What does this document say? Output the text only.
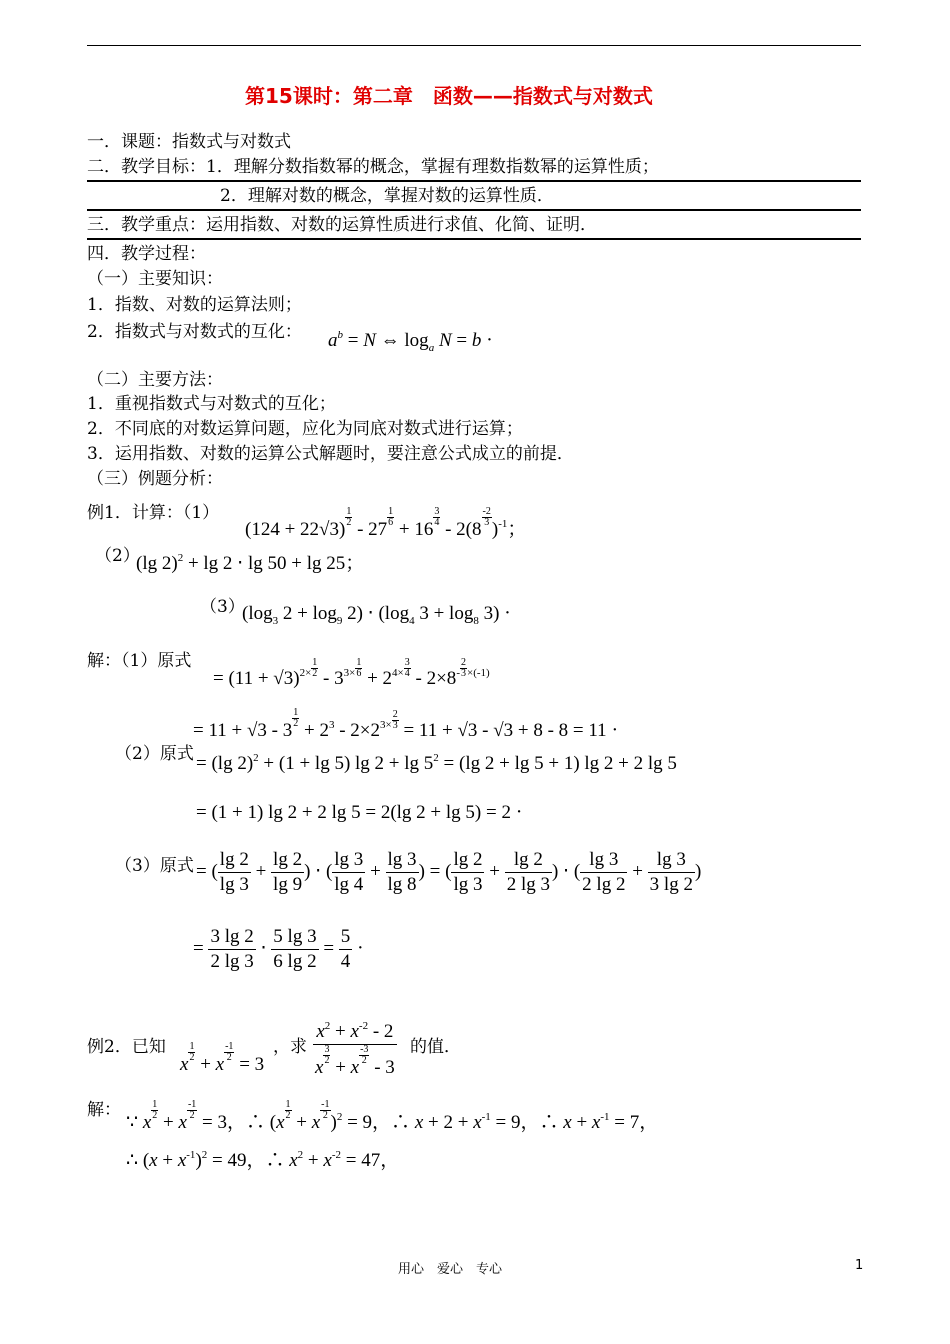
第15课时：第二章　函数——指数式与对数式
一．课题：指数式与对数式
二．教学目标：1．理解分数指数幂的概念，掌握有理数指数幂的运算性质；
2．理解对数的概念，掌握对数的运算性质．
三．教学重点：运用指数、对数的运算性质进行求值、化简、证明．
四．教学过程：
（一）主要知识：
1．指数、对数的运算法则；
2．指数式与对数式的互化： $a^b = N$ ⇔ $\log_a N = b$ ·
（二）主要方法：
1．重视指数式与对数式的互化；
2．不同底的对数运算问题，应化为同底对数式进行运算；
3．运用指数、对数的运算公式解题时，要注意公式成立的前提．
（三）例题分析：
例1．计算：（1）
(124 + 22√3)
$\frac{1}{2}$
- 27
$\frac{1}{6}$
+ 16
$\frac{3}{4}$
- 2(8
$\frac{-2}{3}$
)$^{-1}$；
（2）
(lg 2)$^2$ + lg 2 ⋅ lg 50 + lg 25；
（3）
($\log_3$ $2 + \log_9 2) \cdot (\log_4$ $3 + \log_8 3$) ·
解：（1）原式
= $(11 + √3)^{2\times \frac{1}{2}} - 3^{3\times \frac{1}{6}} + 2^{4\times \frac{3}{4}} - 2\times 8^{- \frac{2}{3} \times(-1)}$
= 11 + √3 - 3
$\frac{1}{2}$
+ $2^3 - 2\times 2^{3\times \frac{2}{3}} = 11 + √3 - √3 + 8 - 8 = 11$ ·
（2）原式 = (lg 2)$^2$ + (1 + lg 5) $\lg 2 + \lg 5^2 = (\lg$ 2 + lg 5 + 1) lg 2 + 2 lg 5
= (1 + 1) lg 2 + 2 lg 5 = 2(lg 2 + lg 5) = 2 ·
（3）原式 = ( $\frac{\lg 2}{\lg 3} + \frac{\lg 2}{\lg 9}$ ) ⋅ ( $\frac{\lg 3}{\lg 4} + \frac{\lg 3}{\lg 8}$ ) = ( $\frac{\lg 2}{\lg 3} + \frac{\lg 2}{2 \lg 3}$ ) ⋅ ( $\frac{\lg 3}{2 \lg 2} + \frac{\lg 3}{3 \lg 2}$ )
= $\frac{3 \lg 2}{2 \lg 3} \cdot \frac{5 \lg 3}{6 \lg 2} = \frac{5}{4}$ ·
例2．已知
x
$\frac{1}{2}$
+ x
$\frac{-1}{2}$
= 3
，求 $x^2 + x^{-2} - 2$
x
$\frac{3}{2}$
+ x
$\frac{-3}{2}$
- 3 的值．
解：
∵ x
$\frac{1}{2}$
+ x
$\frac{-1}{2}$
= 3，∴ (x
$\frac{1}{2}$
+ x
$\frac{-1}{2}$
)$^2$ = 9，∴ $x + 2 + x^{-1} = 9$，∴ $x + x^{-1} = 7$，
∴ $(x + x^{-1})^2 = 49$，∴ $x^2 + x^{-2} = 47$，
用心　爱心　专心	1
